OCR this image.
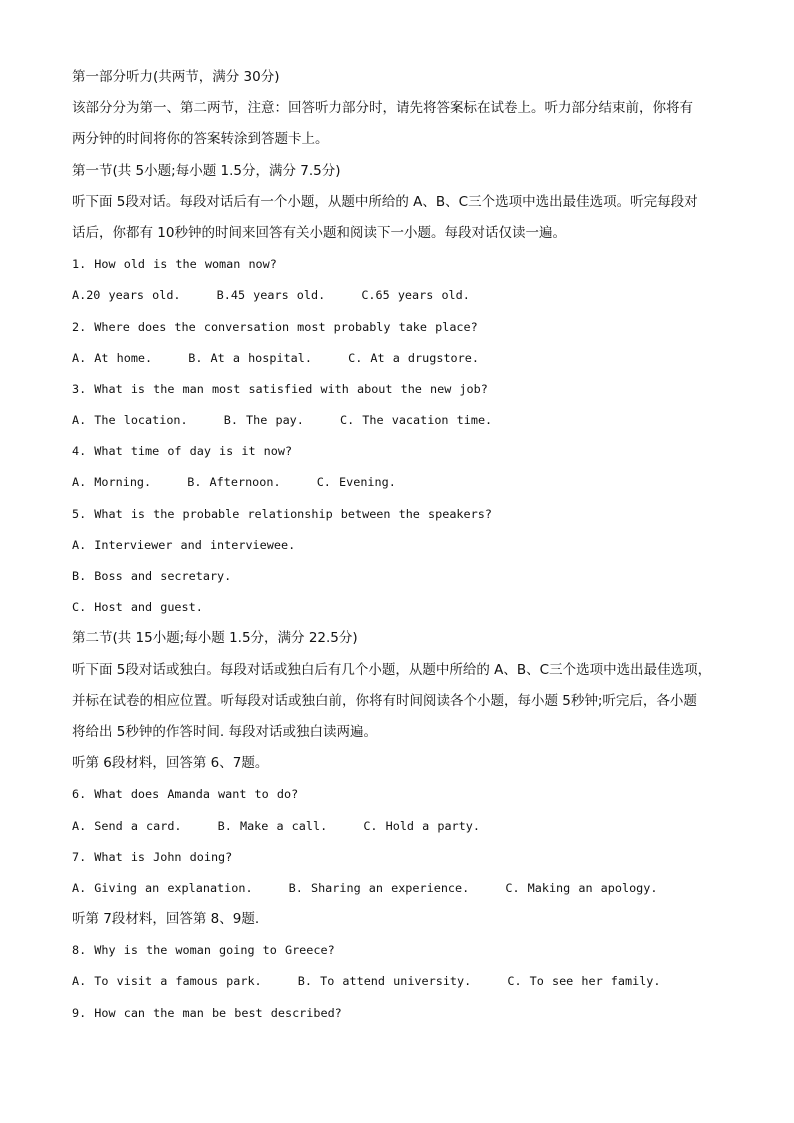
第一部分听力(共两节，满分 30分)
该部分分为第一、第二两节，注意：回答听力部分时，请先将答案标在试卷上。听力部分结束前，你将有
两分钟的时间将你的答案转涂到答题卡上。
第一节(共 5小题;每小题 1.5分，满分 7.5分)
听下面 5段对话。每段对话后有一个小题，从题中所给的 A、B、C三个选项中选出最佳选项。听完每段对
话后，你都有 10秒钟的时间来回答有关小题和阅读下一小题。每段对话仅读一遍。
1. How old is the woman now?
A.20 years old.	B.45 years old.	C.65 years old.
2. Where does the conversation most probably take place?
A. At home.	B. At a hospital.	C. At a drugstore.
3. What is the man most satisfied with about the new job?
A. The location.	B. The pay.	C. The vacation time.
4. What time of day is it now?
A. Morning.	B. Afternoon.	C. Evening.
5. What is the probable relationship between the speakers?
A. Interviewer and interviewee.
B. Boss and secretary.
C. Host and guest.
第二节(共 15小题;每小题 1.5分，满分 22.5分)
听下面 5段对话或独白。每段对话或独白后有几个小题，从题中所给的 A、B、C三个选项中选出最佳选项，
并标在试卷的相应位置。听每段对话或独白前，你将有时间阅读各个小题，每小题 5秒钟;听完后，各小题
将给出 5秒钟的作答时间. 每段对话或独白读两遍。
听第 6段材料，回答第 6、7题。
6. What does Amanda want to do?
A. Send a card.	B. Make a call.	C. Hold a party.
7. What is John doing?
A. Giving an explanation.	B. Sharing an experience.	C. Making an apology.
听第 7段材料，回答第 8、9题.
8. Why is the woman going to Greece?
A. To visit a famous park.	B. To attend university.	C. To see her family.
9. How can the man be best described?
